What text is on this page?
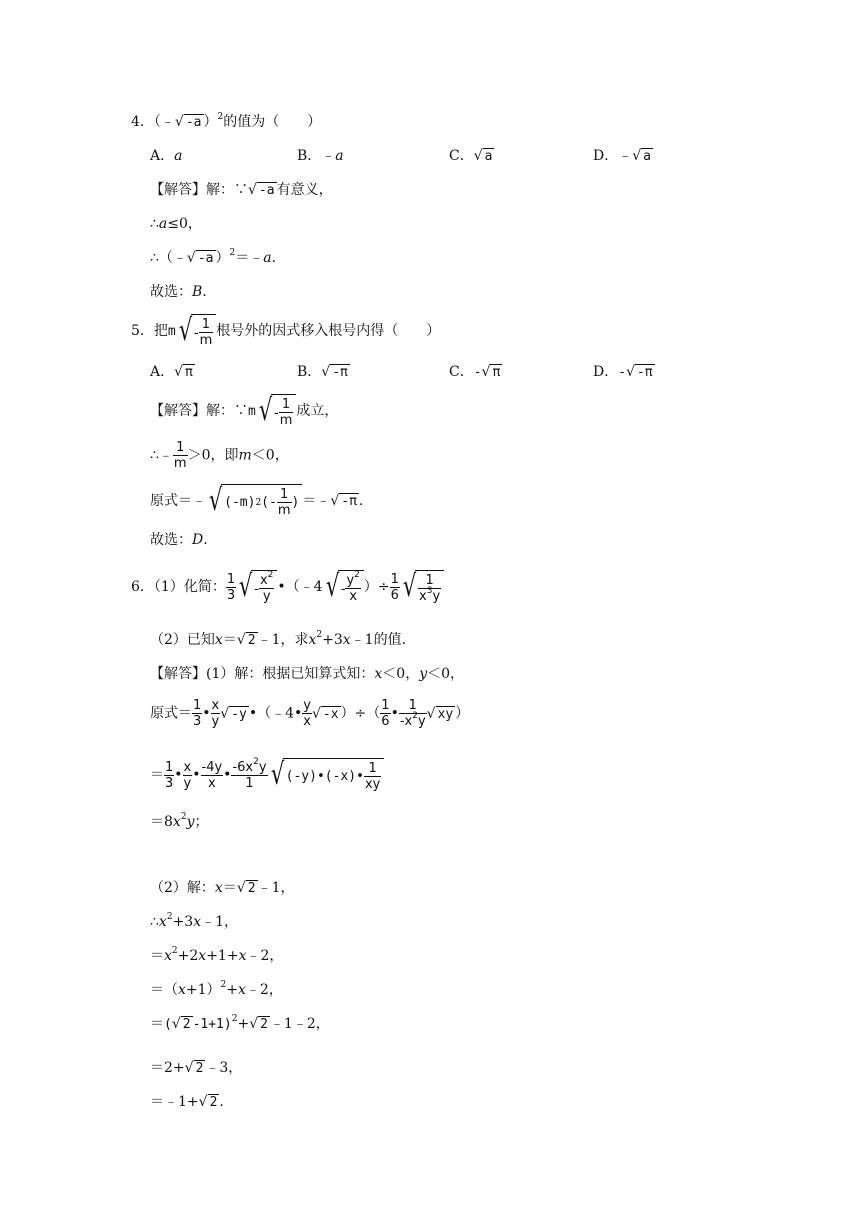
4．（﹣√ -a ）$^2$的值为（　　）
A．a	B．﹣a	C．√ a	D．﹣√ a
【解答】解：∵√ -a 有意义，
∴a≤0，
∴（﹣√ -a ）$^2$＝﹣a.
故选：B.
5．把m √ - 1
m
根号外的因式移入根号内得（　　）
A．√ π	B．√ -π	C．-√ π	D．-√ -π
【解答】解：∵m √ - 1
m
成立，
∴﹣ $\frac{1}{m} >0$，即m＜0，
原式＝﹣ √ (-m) 2 (- 1
m
) ＝﹣√ -π .
故选：D.
6．（1）化简： $\frac{1}{3}$ √ - $x^2$
y
•（﹣4 √ - $y^2$
x
）÷ $\frac{1}{6}$ √ 1
$x^3y$
（2）已知x＝√ 2 ﹣1，求$x^2+3x﹣1$的值.
【解答】(1）解：根据已知算式知：x＜0，y＜0，
原式＝ $\frac{1}{3}$ • $\frac{x}{y}$ √ -y •（﹣4• $\frac{y}{x}$ √ -x ）÷（ $\frac{1}{6}$ • $\frac{1}{-x^2y}$ √ xy ）
＝ $\frac{1}{3}$ • $\frac{x}{y}$ • $\frac{-4y}{x}$ • $\frac{-6x^2y}{1}$ √ (-y)•(-x)• 1
xy
$=8x^2y$；
（2）解：x＝√ 2 ﹣1，
$\therefore x^2+3x﹣1$，
$=x^2+2x+1+x﹣2$，
$=(x+1)^2+x﹣2$，
＝(√ 2 -1+1)$^2$+√ 2 ﹣1﹣2，
＝2+√ 2 ﹣3，
＝﹣1+√ 2 .
